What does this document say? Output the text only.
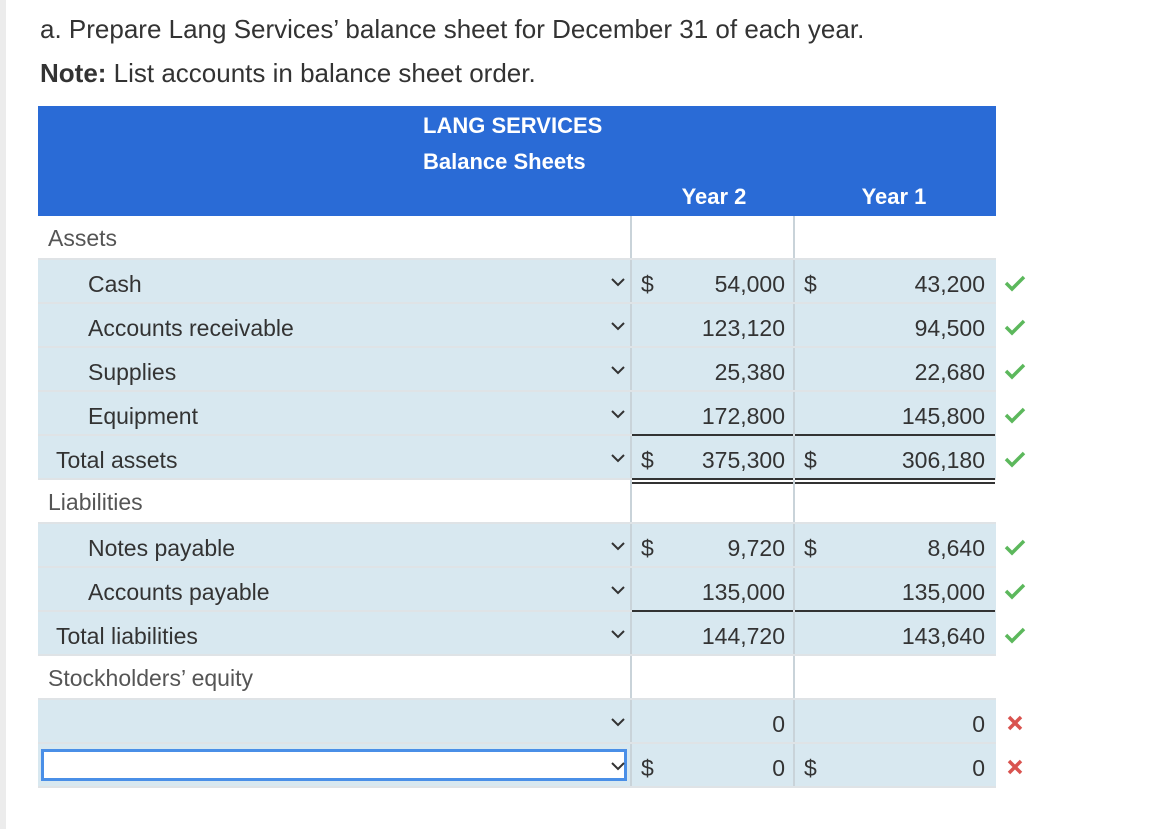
a. Prepare Lang Services’ balance sheet for December 31 of each year.
Note: List accounts in balance sheet order.
LANG SERVICES
Balance Sheets
Year 2	Year 1
Assets
Cash	$	54,000 $	43,200
Accounts receivable	123,120	94,500
Supplies	25,380	22,680
Equipment	172,800	145,800
Total assets	$	375,300 $	306,180
Liabilities
Notes payable	$	9,720 $	8,640
Accounts payable	135,000	135,000
Total liabilities	144,720	143,640
Stockholders’ equity
0	0
$	0 $	0
